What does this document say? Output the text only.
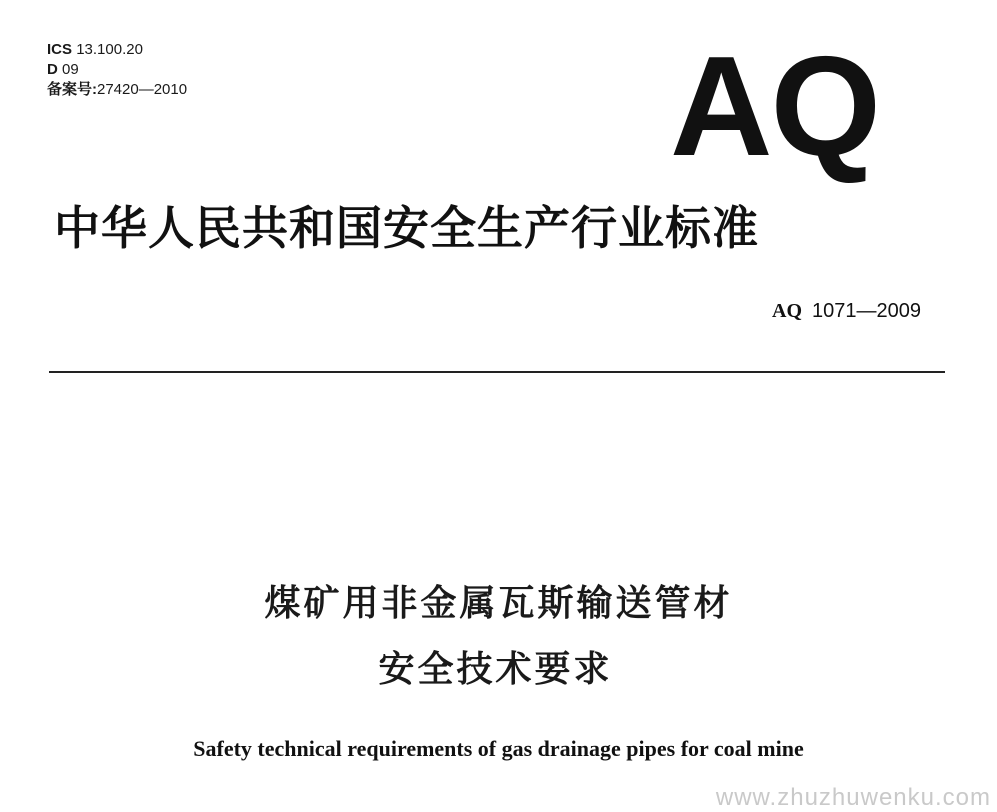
ICS 13.100.20
D 09
备案号:27420—2010	AQ
中华人民共和国安全生产行业标准
AQ 1071—2009
煤矿用非金属瓦斯输送管材
安全技术要求
Safety technical requirements of gas drainage pipes for coal mine
www.zhuzhuwenku.com
